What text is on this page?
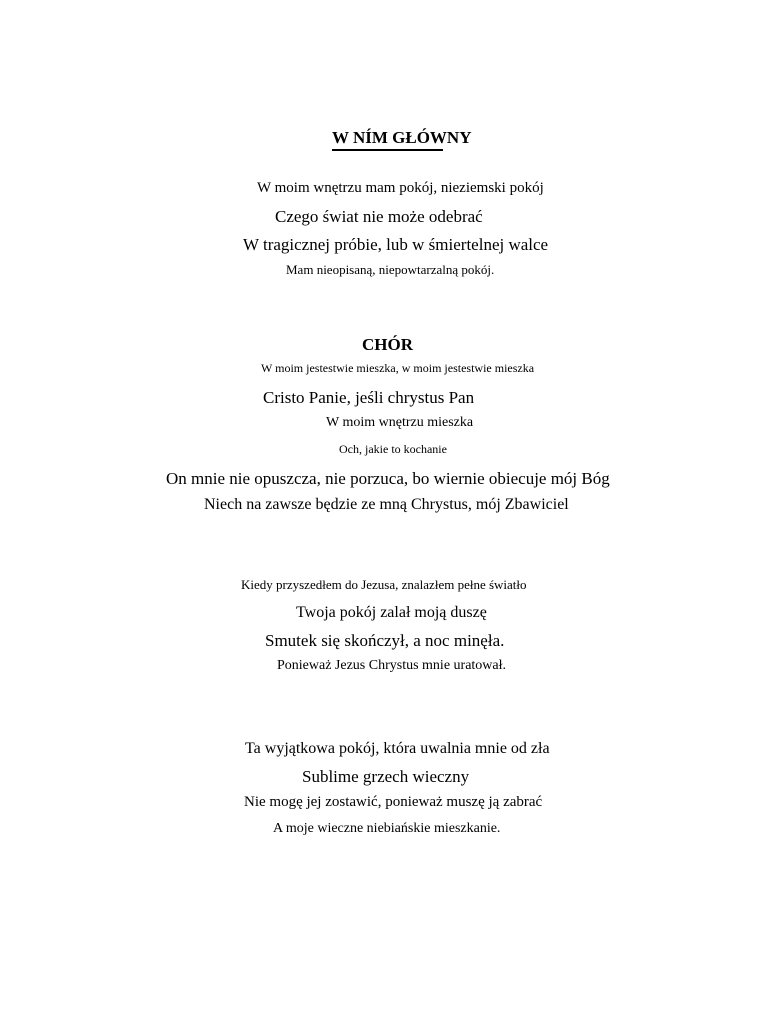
W NÍM GŁÓWNY
W moim wnętrzu mam pokój, nieziemski pokój
Czego świat nie może odebrać
W tragicznej próbie, lub w śmiertelnej walce
Mam nieopisaną, niepowtarzalną pokój.
CHÓR
W moim jestestwie mieszka, w moim jestestwie mieszka
Cristo Panie, jeśli chrystus Pan
W moim wnętrzu mieszka
Och, jakie to kochanie
On mnie nie opuszcza, nie porzuca, bo wiernie obiecuje mój Bóg
Niech na zawsze będzie ze mną Chrystus, mój Zbawiciel
Kiedy przyszedłem do Jezusa, znalazłem pełne światło
Twoja pokój zalał moją duszę
Smutek się skończył, a noc minęła.
Ponieważ Jezus Chrystus mnie uratował.
Ta wyjątkowa pokój, która uwalnia mnie od zła
Sublime grzech wieczny
Nie mogę jej zostawić, ponieważ muszę ją zabrać
A moje wieczne niebiańskie mieszkanie.
